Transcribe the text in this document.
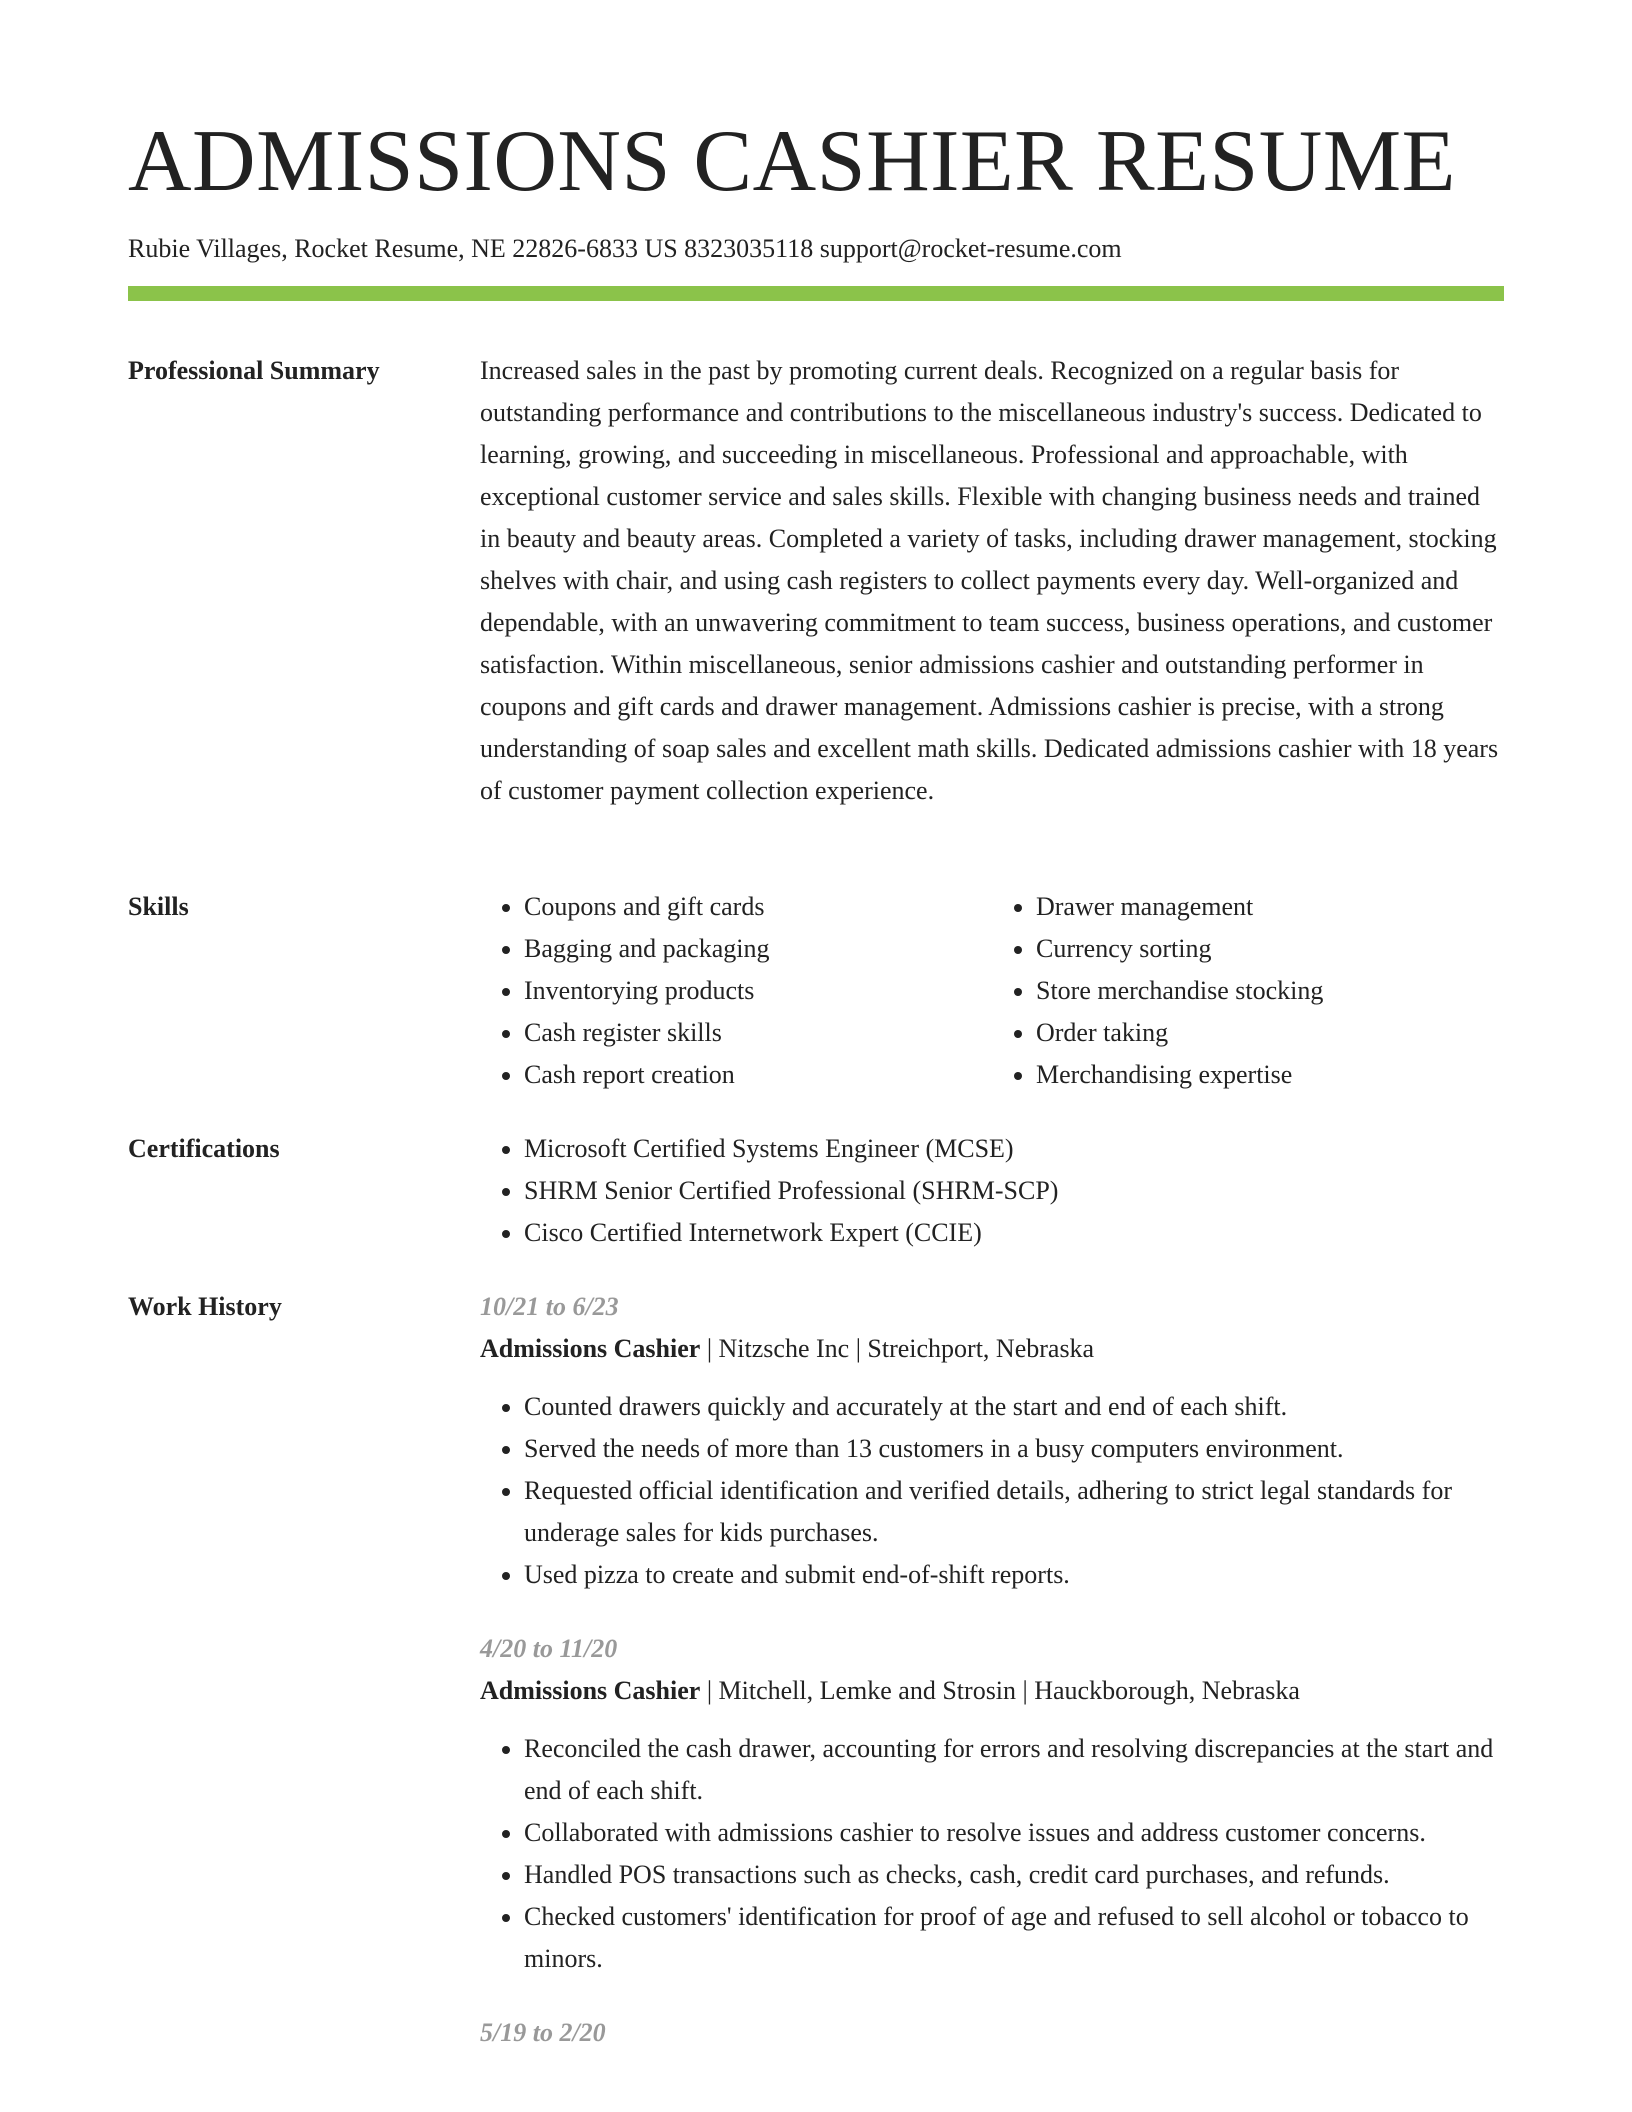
ADMISSIONS CASHIER RESUME
Rubie Villages, Rocket Resume, NE 22826-6833 US 8323035118 support@rocket-resume.com
Professional Summary	Increased sales in the past by promoting current deals. Recognized on a regular basis for outstanding performance and contributions to the miscellaneous industry's success. Dedicated to learning, growing, and succeeding in miscellaneous. Professional and approachable, with exceptional customer service and sales skills. Flexible with changing business needs and trained in beauty and beauty areas. Completed a variety of tasks, including drawer management, stocking shelves with chair, and using cash registers to collect payments every day. Well-organized and dependable, with an unwavering commitment to team success, business operations, and customer satisfaction. Within miscellaneous, senior admissions cashier and outstanding performer in coupons and gift cards and drawer management. Admissions cashier is precise, with a strong understanding of soap sales and excellent math skills. Dedicated admissions cashier with 18 years of customer payment collection experience.

Skills	• Coupons and gift cards
• Bagging and packaging
• Inventorying products
• Cash register skills
• Cash report creation
• Drawer management
• Currency sorting
• Store merchandise stocking
• Order taking
• Merchandising expertise
Certifications	• Microsoft Certified Systems Engineer (MCSE)
• SHRM Senior Certified Professional (SHRM-SCP)
• Cisco Certified Internetwork Expert (CCIE)
Work History	10/21 to 6/23
Admissions Cashier | Nitzsche Inc | Streichport, Nebraska
• Counted drawers quickly and accurately at the start and end of each shift.
• Served the needs of more than 13 customers in a busy computers environment.
• Requested official identification and verified details, adhering to strict legal standards for underage sales for kids purchases.
• Used pizza to create and submit end-of-shift reports.
4/20 to 11/20
Admissions Cashier | Mitchell, Lemke and Strosin | Hauckborough, Nebraska
• Reconciled the cash drawer, accounting for errors and resolving discrepancies at the start and end of each shift.
• Collaborated with admissions cashier to resolve issues and address customer concerns.
• Handled POS transactions such as checks, cash, credit card purchases, and refunds.
• Checked customers' identification for proof of age and refused to sell alcohol or tobacco to minors.
5/19 to 2/20
